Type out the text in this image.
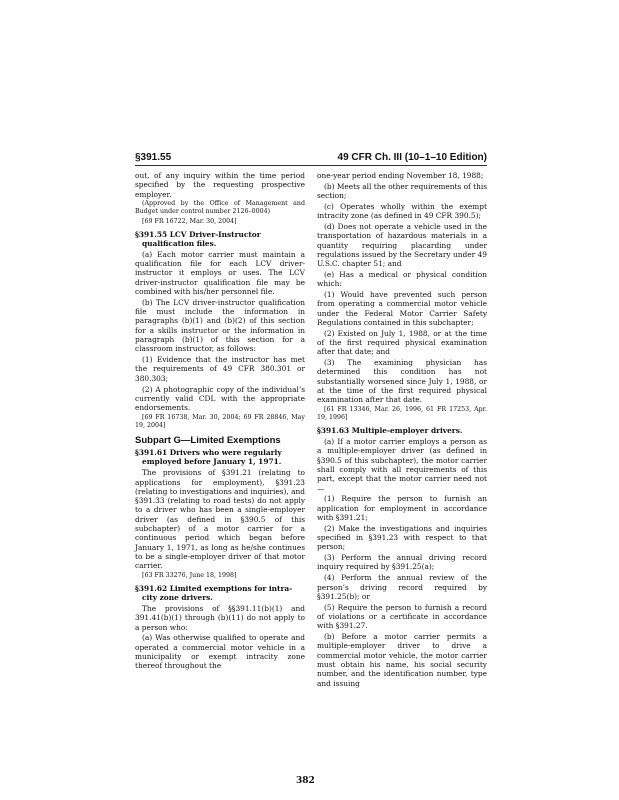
§391.55	49 CFR Ch. III (10–1–10 Edition)

out, of any inquiry within the time period specified by the requesting prospective employer.

(Approved by the Office of Management and Budget under control number 2126–0004)

[69 FR 16722, Mar. 30, 2004]

§391.55 LCV Driver-Instructor qualification files.

(a) Each motor carrier must maintain a qualification file for each LCV driver-instructor it employs or uses. The LCV driver-instructor qualification file may be combined with his/her personnel file.

(b) The LCV driver-instructor qualification file must include the information in paragraphs (b)(1) and (b)(2) of this section for a skills instructor or the information in paragraph (b)(1) of this section for a classroom instructor, as follows:

(1) Evidence that the instructor has met the requirements of 49 CFR 380.301 or 380.303;

(2) A photographic copy of the individual’s currently valid CDL with the appropriate endorsements.

[69 FR 16738, Mar. 30, 2004; 69 FR 28846, May 19, 2004]

Subpart G—Limited Exemptions
§391.61 Drivers who were regularly employed before January 1, 1971.

The provisions of §391.21 (relating to applications for employment), §391.23 (relating to investigations and inquiries), and §391.33 (relating to road tests) do not apply to a driver who has been a single-employer driver (as defined in §390.5 of this subchapter) of a motor carrier for a continuous period which began before January 1, 1971, as long as he/she continues to be a single-employer driver of that motor carrier.

[63 FR 33276, June 18, 1998]

§391.62 Limited exemptions for intra-city zone drivers.

The provisions of §§391.11(b)(1) and 391.41(b)(1) through (b)(11) do not apply to a person who:

(a) Was otherwise qualified to operate and operated a commercial motor vehicle in a municipality or exempt intracity zone thereof throughout the

one-year period ending November 18, 1988;

(b) Meets all the other requirements of this section;

(c) Operates wholly within the exempt intracity zone (as defined in 49 CFR 390.5);

(d) Does not operate a vehicle used in the transportation of hazardous materials in a quantity requiring placarding under regulations issued by the Secretary under 49 U.S.C. chapter 51; and

(e) Has a medical or physical condition which:

(1) Would have prevented such person from operating a commercial motor vehicle under the Federal Motor Carrier Safety Regulations contained in this subchapter;

(2) Existed on July 1, 1988, or at the time of the first required physical examination after that date; and

(3) The examining physician has determined this condition has not substantially worsened since July 1, 1988, or at the time of the first required physical examination after that date.

[61 FR 13346, Mar. 26, 1996, 61 FR 17253, Apr. 19, 1996]

§391.63 Multiple-employer drivers.

(a) If a motor carrier employs a person as a multiple-employer driver (as defined in §390.5 of this subchapter), the motor carrier shall comply with all requirements of this part, except that the motor carrier need not—

(1) Require the person to furnish an application for employment in accordance with §391.21;

(2) Make the investigations and inquiries specified in §391.23 with respect to that person;

(3) Perform the annual driving record inquiry required by §391.25(a);

(4) Perform the annual review of the person’s driving record required by §391.25(b); or

(5) Require the person to furnish a record of violations or a certificate in accordance with §391.27.

(b) Before a motor carrier permits a multiple-employer driver to drive a commercial motor vehicle, the motor carrier must obtain his name, his social security number, and the identification number, type and issuing

382
